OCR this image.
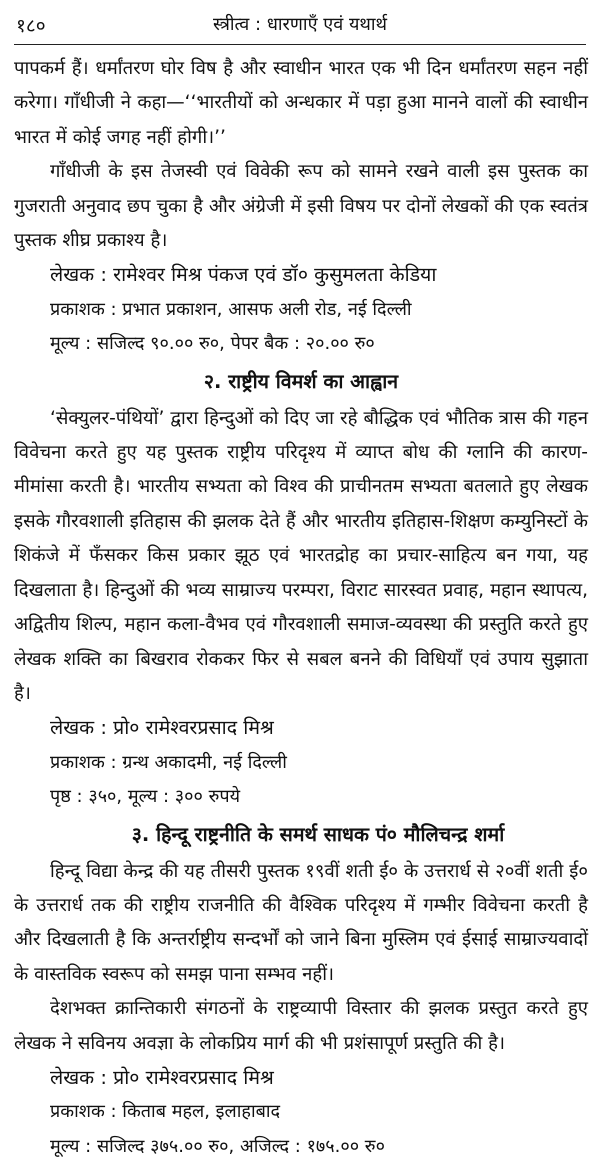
१८०	स्त्रीत्व : धारणाएँ एवं यथार्थ

पापकर्म हैं। धर्मांतरण घोर विष है और स्वाधीन भारत एक भी दिन धर्मांतरण सहन नहीं करेगा। गाँधीजी ने कहा—‘‘भारतीयों को अन्धकार में पड़ा हुआ मानने वालों की स्वाधीन भारत में कोई जगह नहीं होगी।’’

गाँधीजी के इस तेजस्वी एवं विवेकी रूप को सामने रखने वाली इस पुस्तक का गुजराती अनुवाद छप चुका है और अंग्रेजी में इसी विषय पर दोनों लेखकों की एक स्वतंत्र पुस्तक शीघ्र प्रकाश्य है।

लेखक : रामेश्वर मिश्र पंकज एवं डॉ० कुसुमलता केडिया

प्रकाशक : प्रभात प्रकाशन, आसफ अली रोड, नई दिल्ली

मूल्य : सजिल्द ९०.०० रु०, पेपर बैक : २०.०० रु०

२. राष्ट्रीय विमर्श का आह्वान

‘सेक्युलर-पंथियों’ द्वारा हिन्दुओं को दिए जा रहे बौद्धिक एवं भौतिक त्रास की गहन विवेचना करते हुए यह पुस्तक राष्ट्रीय परिदृश्य में व्याप्त बोध की ग्लानि की कारण-मीमांसा करती है। भारतीय सभ्यता को विश्व की प्राचीनतम सभ्यता बतलाते हुए लेखक इसके गौरवशाली इतिहास की झलक देते हैं और भारतीय इतिहास-शिक्षण कम्युनिस्टों के शिकंजे में फँसकर किस प्रकार झूठ एवं भारतद्रोह का प्रचार-साहित्य बन गया, यह दिखलाता है। हिन्दुओं की भव्य साम्राज्य परम्परा, विराट सारस्वत प्रवाह, महान स्थापत्य, अद्वितीय शिल्प, महान कला-वैभव एवं गौरवशाली समाज-व्यवस्था की प्रस्तुति करते हुए लेखक शक्ति का बिखराव रोककर फिर से सबल बनने की विधियाँ एवं उपाय सुझाता है।

लेखक : प्रो० रामेश्वरप्रसाद मिश्र

प्रकाशक : ग्रन्थ अकादमी, नई दिल्ली

पृष्ठ : ३५०, मूल्य : ३०० रुपये

३. हिन्दू राष्ट्रनीति के समर्थ साधक पं० मौलिचन्द्र शर्मा

हिन्दू विद्या केन्द्र की यह तीसरी पुस्तक १९वीं शती ई० के उत्तरार्ध से २०वीं शती ई० के उत्तरार्ध तक की राष्ट्रीय राजनीति की वैश्विक परिदृश्य में गम्भीर विवेचना करती है और दिखलाती है कि अन्तर्राष्ट्रीय सन्दर्भों को जाने बिना मुस्लिम एवं ईसाई साम्राज्यवादों के वास्तविक स्वरूप को समझ पाना सम्भव नहीं।

देशभक्त क्रान्तिकारी संगठनों के राष्ट्रव्यापी विस्तार की झलक प्रस्तुत करते हुए लेखक ने सविनय अवज्ञा के लोकप्रिय मार्ग की भी प्रशंसापूर्ण प्रस्तुति की है।

लेखक : प्रो० रामेश्वरप्रसाद मिश्र

प्रकाशक : किताब महल, इलाहाबाद

मूल्य : सजिल्द ३७५.०० रु०, अजिल्द : १७५.०० रु०
